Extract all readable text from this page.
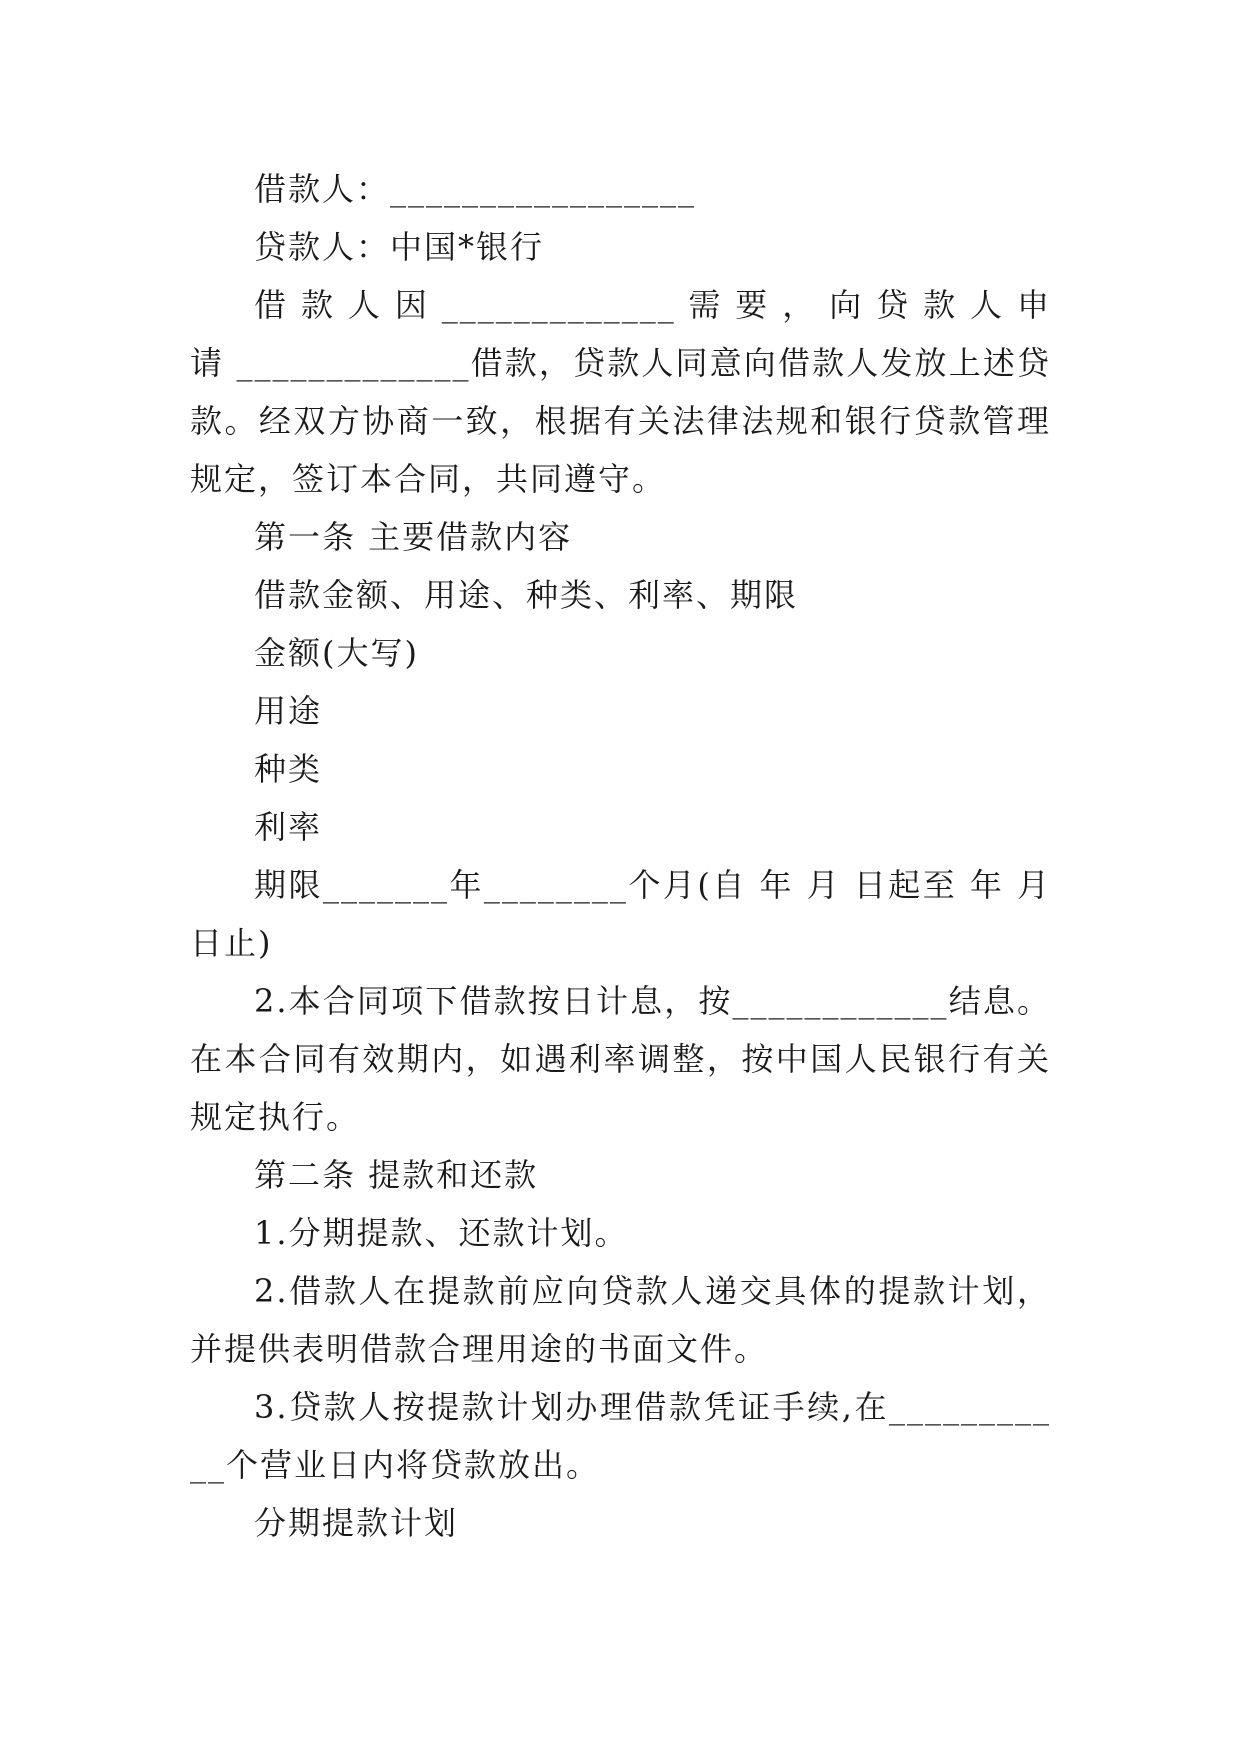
借款人：_________________

贷款人：中国*银行

借 款 人 因 _____________ 需 要 ， 向 贷 款 人 申 请 _____________借款，贷款人同意向借款人发放上述贷款。经双方协商一致，根据有关法律法规和银行贷款管理规定，签订本合同，共同遵守。

第一条 主要借款内容

借款金额、用途、种类、利率、期限

金额(大写)

用途

种类

利率

期限_______年________个月(自 年 月 日起至 年 月日止)

2.本合同项下借款按日计息，按____________结息。在本合同有效期内，如遇利率调整，按中国人民银行有关规定执行。

第二条 提款和还款

1.分期提款、还款计划。

2.借款人在提款前应向贷款人递交具体的提款计划，并提供表明借款合理用途的书面文件。

3.贷款人按提款计划办理借款凭证手续,在___________个营业日内将贷款放出。

分期提款计划
